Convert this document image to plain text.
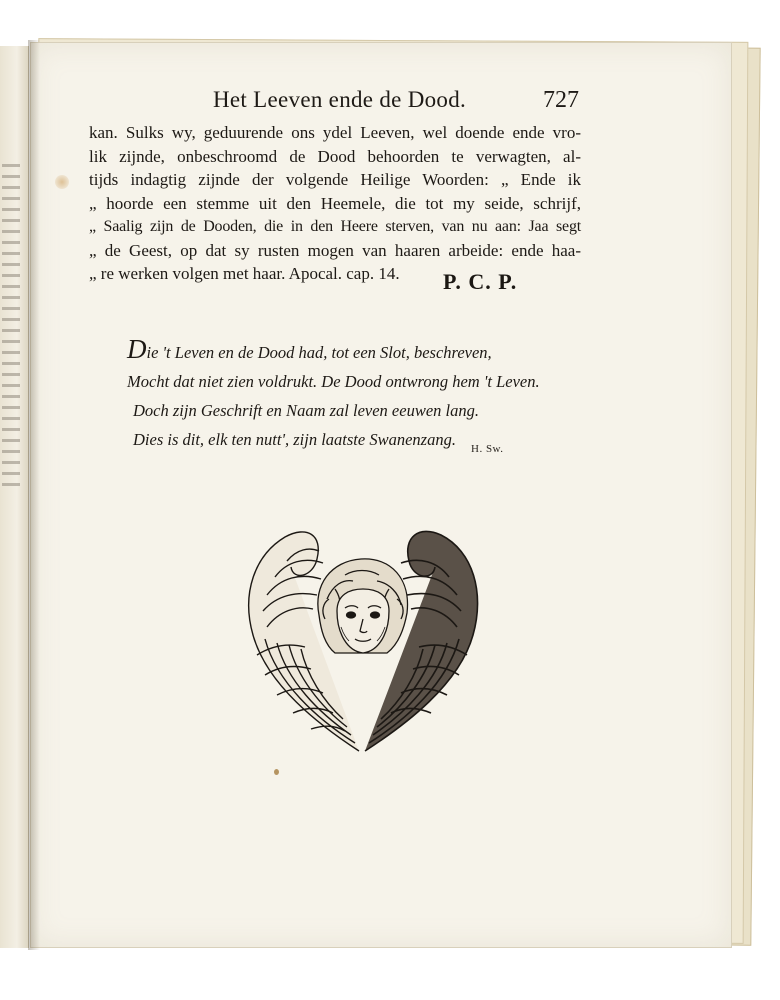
Het Leeven ende de Dood.	727
kan. Sulks wy, geduurende ons ydel Leeven, wel doende ende vro-
lik zijnde, onbeschroomd de Dood behoorden te verwagten, al-
tijds indagtig zijnde der volgende Heilige Woorden: „ Ende ik
„ hoorde een stemme uit den Heemele, die tot my seide, schrijf,
„ Saalig zijn de Dooden, die in den Heere sterven, van nu aan: Jaa segt
„ de Geest, op dat sy rusten mogen van haaren arbeide: ende haa-
„ re werken volgen met haar. Apocal. cap. 14.	P. C. P.
Die 't Leven en de Dood had, tot een Slot, beschreven,
Mocht dat niet zien voldrukt. De Dood ontwrong hem 't Leven.
Doch zijn Geschrift en Naam zal leven eeuwen lang.
Dies is dit, elk ten nutt', zijn laatste Swanenzang.	H. Sw.
